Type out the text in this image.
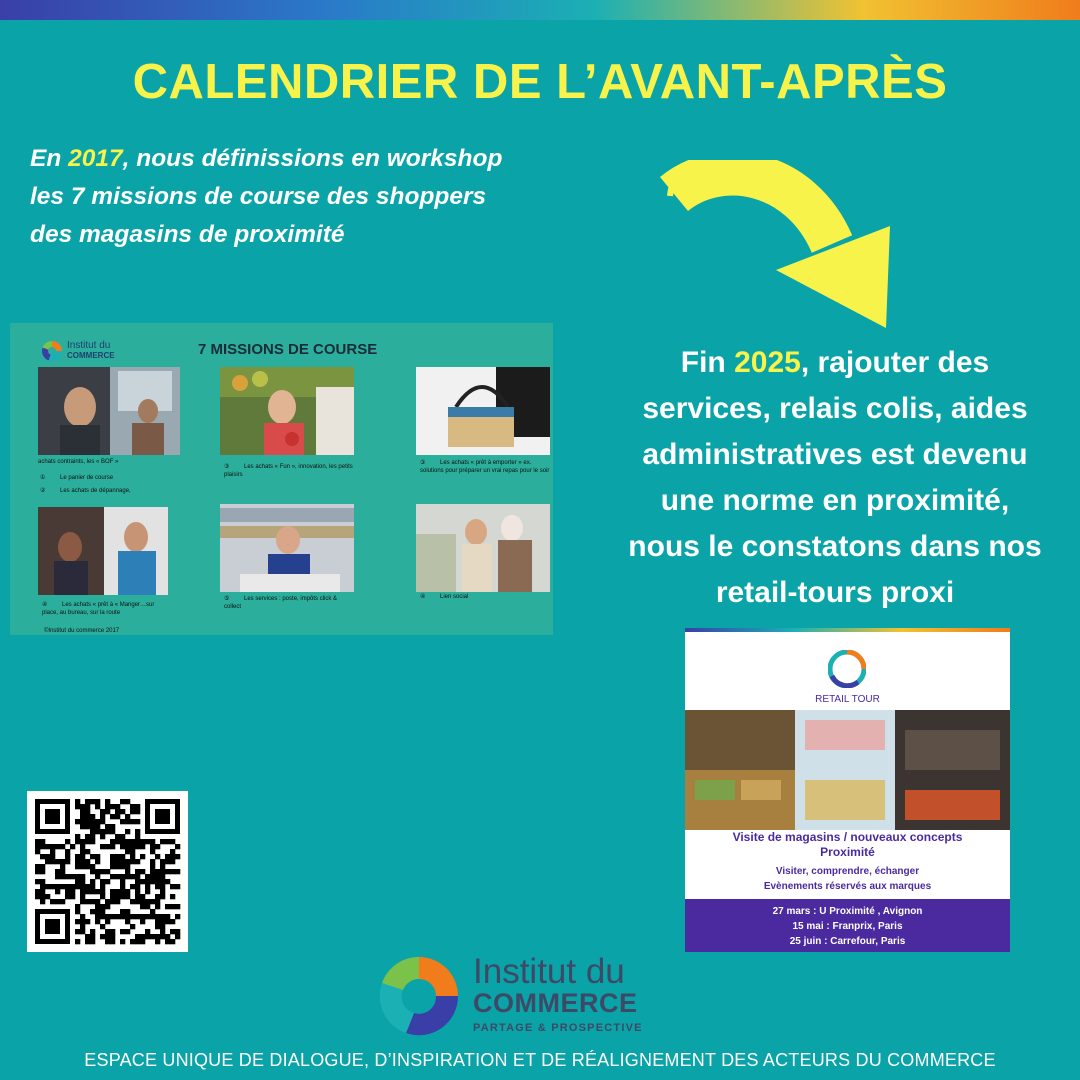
CALENDRIER DE L’AVANT-APRÈS
En 2017, nous définissions en workshop
les 7 missions de course des shoppers
des magasins de proximité
Fin 2025, rajouter des
services, relais colis, aides
administratives est devenu
une norme en proximité,
nous le constatons dans nos
retail-tours proxi
Institut du
COMMERCE	7 MISSIONS DE COURSE
achats contraints, les « BOF »
① Le panier de course
② Les achats de dépannage,
③ Les achats « Fun », innovation, les petits plaisirs
③ Les achats « prêt à emporter » ex. solutions pour préparer un vrai repas pour le soir
④ Les achats « prêt à « Manger…sur place, au bureau, sur la route
⑤ Les services : poste, impôts click & collect
④ Lien social
©Institut du commerce 2017
RETAIL TOUR
Visite de magasins / nouveaux concepts
Proximité
Visiter, comprendre, échanger
Evènements réservés aux marques
27 mars : U Proximité , Avignon
15 mai : Franprix, Paris
25 juin : Carrefour, Paris
Institut du
COMMERCE
PARTAGE & PROSPECTIVE
ESPACE UNIQUE DE DIALOGUE, D’INSPIRATION ET DE RÉALIGNEMENT DES ACTEURS DU COMMERCE
